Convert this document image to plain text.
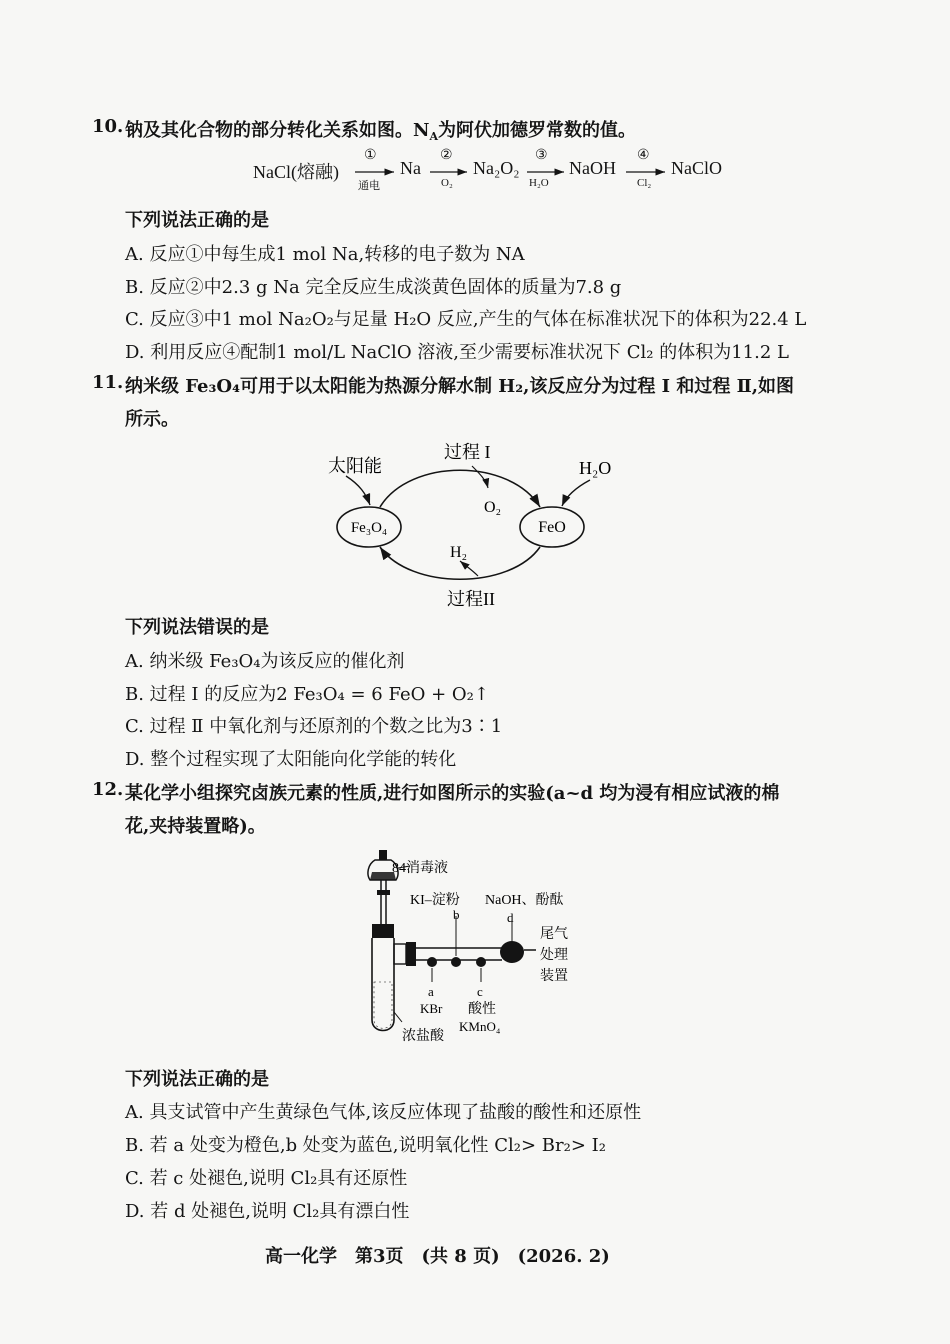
10. 钠及其化合物的部分转化关系如图。$N_A$为阿伏加德罗常数的值。
NaCl(熔融)
①
通电
Na
②
O₂
Na₂O₂
③
H₂O
NaOH
④
Cl₂
NaClO
下列说法正确的是
A. 反应①中每生成1 mol Na,转移的电子数为 NA
B. 反应②中2.3 g Na 完全反应生成淡黄色固体的质量为7.8 g
C. 反应③中1 mol Na₂O₂与足量 H₂O 反应,产生的气体在标准状况下的体积为22.4 L
D. 利用反应④配制1 mol/L NaClO 溶液,至少需要标准状况下 Cl₂ 的体积为11.2 L
11. 纳米级 Fe₃O₄可用于以太阳能为热源分解水制 H₂,该反应分为过程 Ⅰ 和过程 Ⅱ,如图
所示。
太阳能
过程 I
O₂
H₂O
Fe₃O₄	FeO
H₂
过程II
下列说法错误的是
A. 纳米级 Fe₃O₄为该反应的催化剂
B. 过程 Ⅰ 的反应为2 Fe₃O₄ = 6 FeO + O₂↑
C. 过程 Ⅱ 中氧化剂与还原剂的个数之比为3∶1
D. 整个过程实现了太阳能向化学能的转化
12. 某化学小组探究卤族元素的性质,进行如图所示的实验(a~d 均为浸有相应试液的棉
花,夹持装置略)。
84消毒液
KI–淀粉
b
NaOH、酚酞
d
尾气
处理
装置
a
KBr
c
酸性
KMnO₄
浓盐酸
下列说法正确的是
A. 具支试管中产生黄绿色气体,该反应体现了盐酸的酸性和还原性
B. 若 a 处变为橙色,b 处变为蓝色,说明氧化性 Cl₂> Br₂> I₂
C. 若 c 处褪色,说明 Cl₂具有还原性
D. 若 d 处褪色,说明 Cl₂具有漂白性
高一化学　第3页　(共 8 页)　(2026. 2)
